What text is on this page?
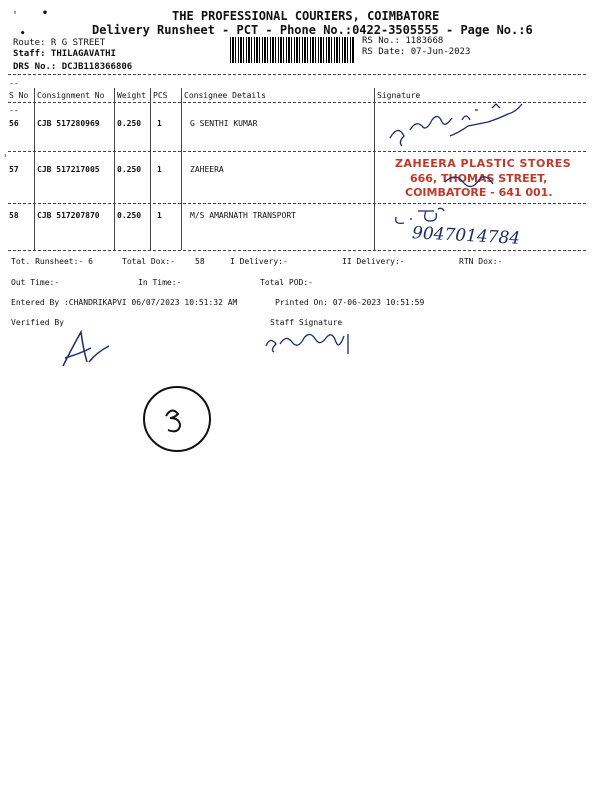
THE PROFESSIONAL COURIERS, COIMBATORE
Delivery Runsheet - PCT - Phone No.:0422-3505555 - Page No.:6
Route: R G STREET
Staff: THILAGAVATHI
DRS No.: DCJB118366806
RS No.: 1183668
RS Date: 07-Jun-2023
--
S No Consignment No Weight PCS Consignee Details	Signature
--
56 CJB 517280969 0.250 1	G SENTHI KUMAR
57 CJB 517217005 0.250 1	ZAHEERA
58 CJB 517207870 0.250 1	M/S AMARNATH TRANSPORT
ZAHEERA PLASTIC STORES
666, THOMAS STREET,
COIMBATORE - 641 001.
9047014784
Tot. Runsheet:- 6	Total Dox:-	58	I Delivery:-	II Delivery:-	RTN Dox:-
Out Time:-	In Time:-	Total POD:-
Entered By :CHANDRIKAPVI 06/07/2023 10:51:32 AM	Printed On: 07-06-2023 10:51:59
Verified By	Staff Signature
' •
•
'
